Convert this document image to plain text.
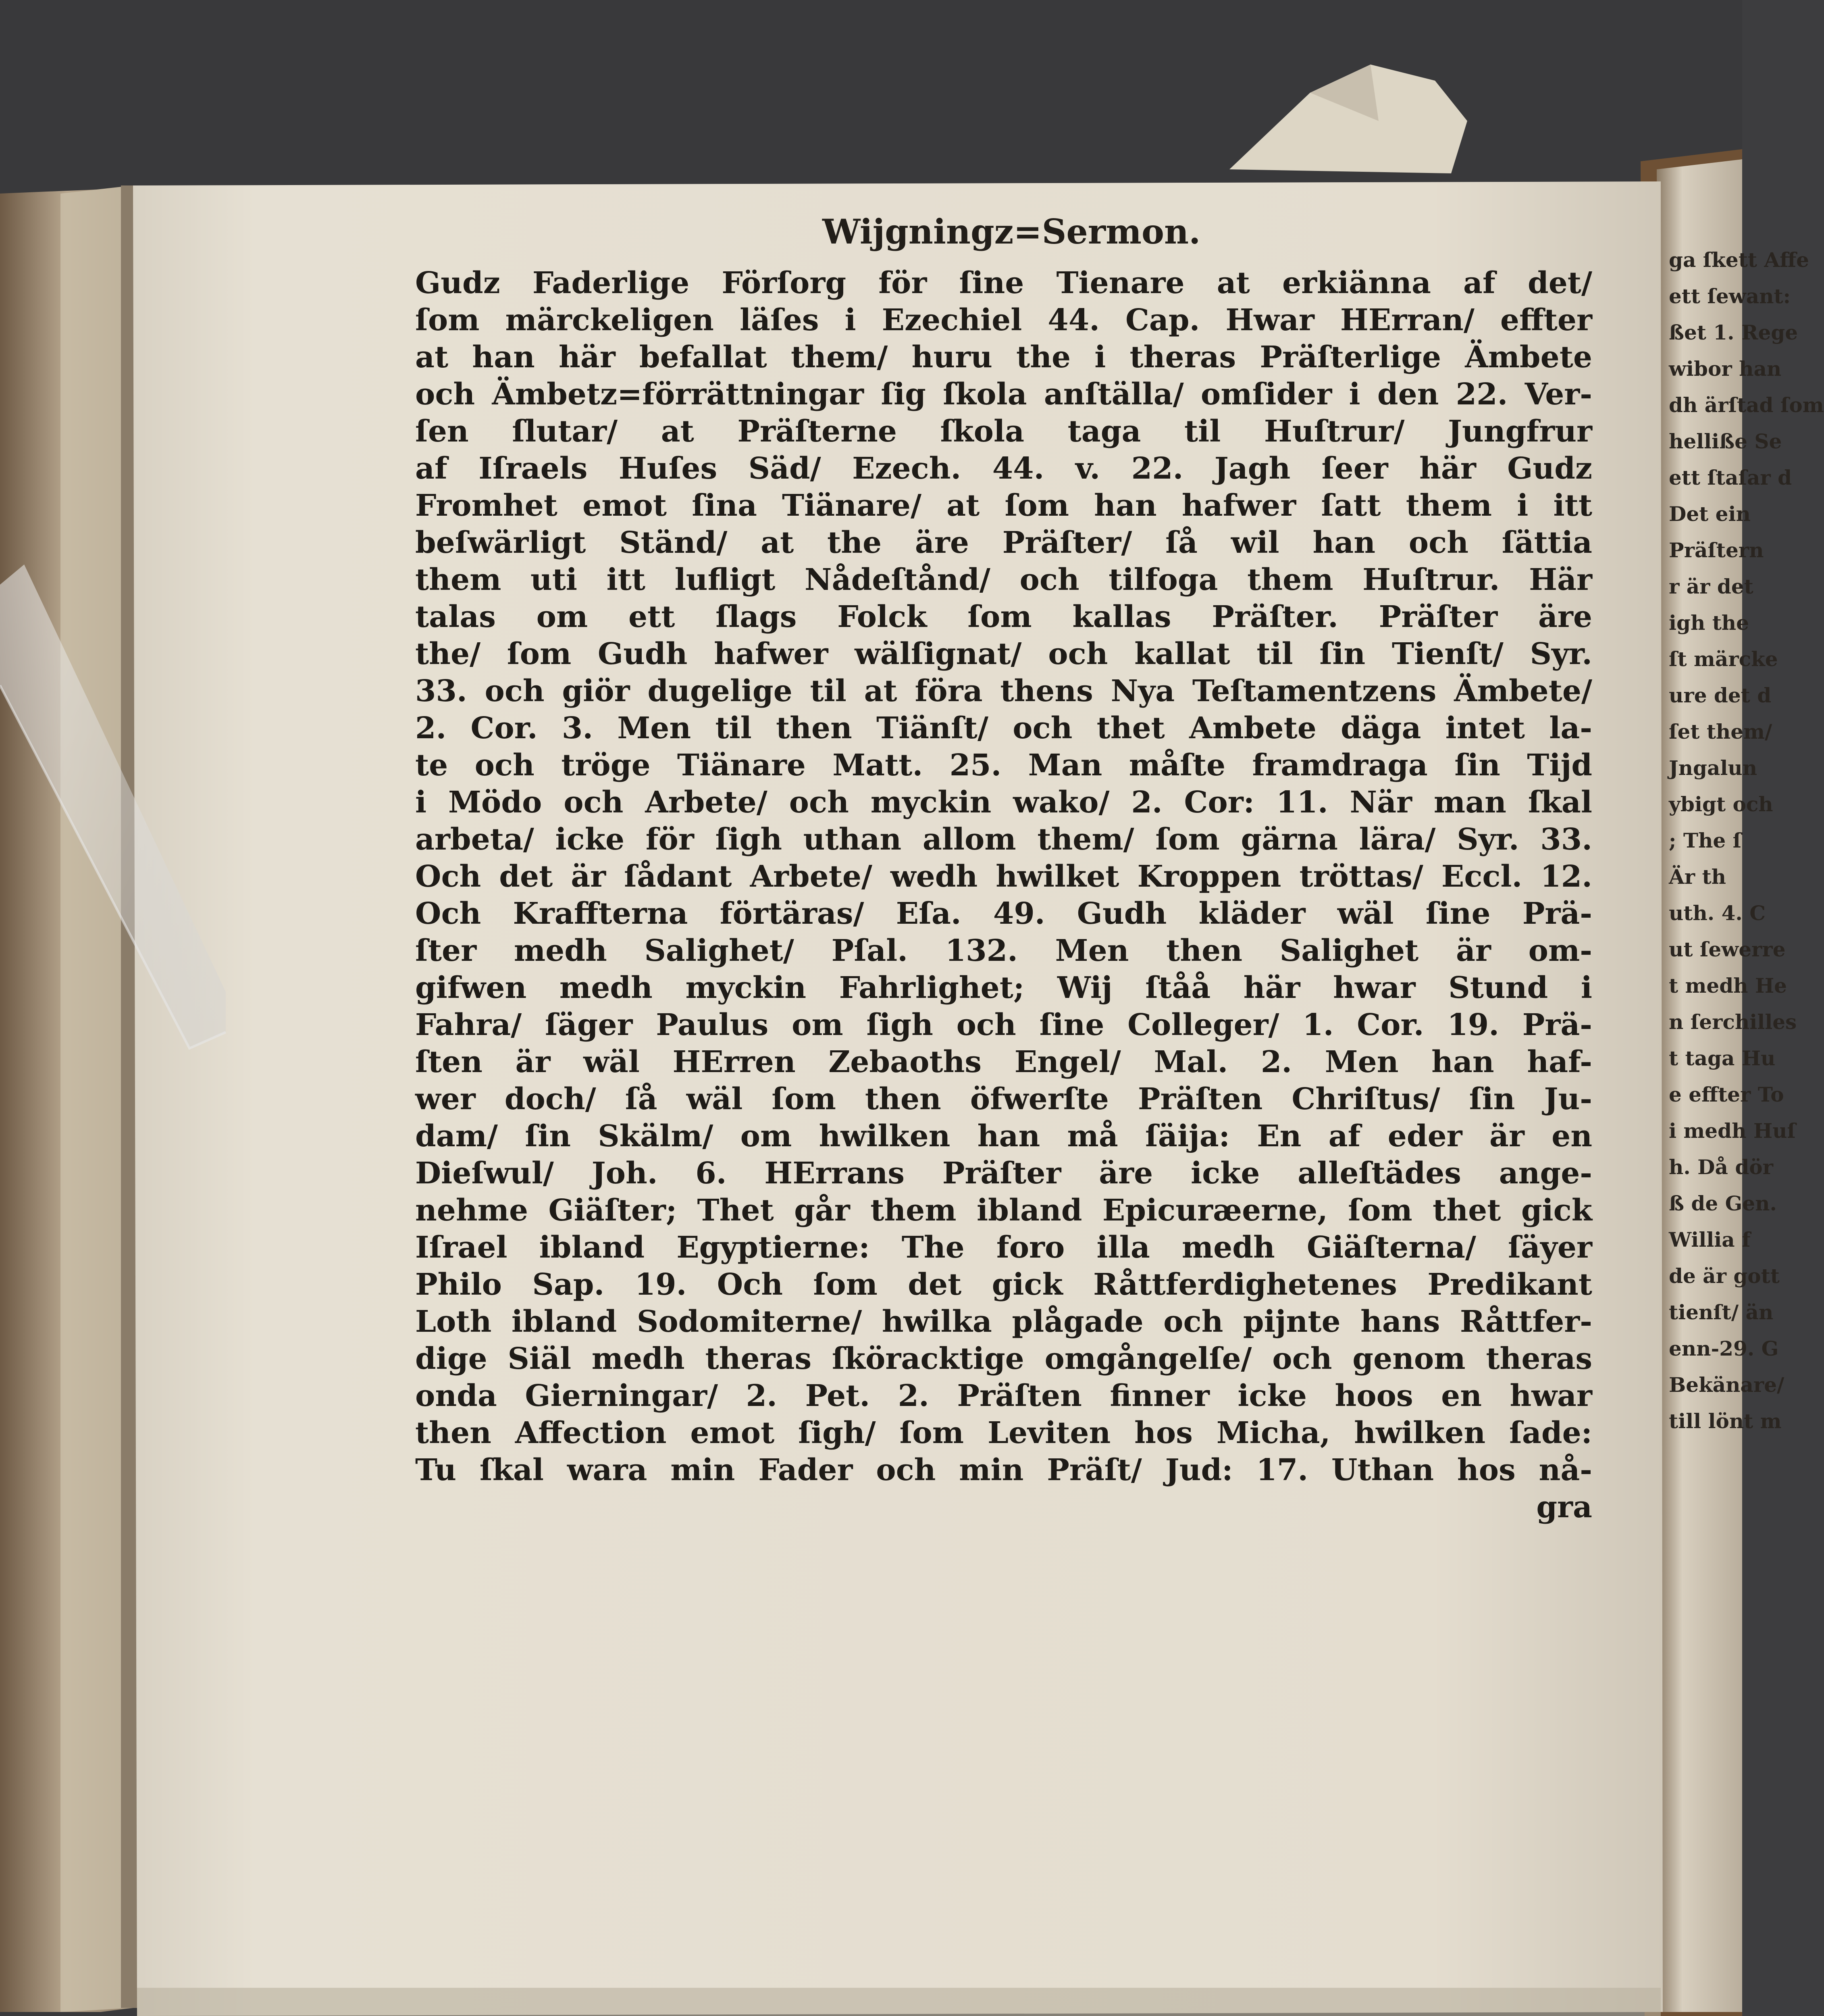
Wijgningz=Sermon.
Gudz Faderlige Förſorg för ſine Tienare at erkiänna af det/
ſom märckeligen läſes i Ezechiel 44. Cap. Hwar HErran/ effter
at han här befallat them/ huru the i theras Präſterlige Ämbete
och Ämbetz=förrättningar ſig ſkola anſtälla/ omſider i den 22. Ver-
ſen ſlutar/ at Präſterne ſkola taga til Huſtrur/ Jungfrur
af Iſraels Huſes Säd/ Ezech. 44. v. 22. Jagh ſeer här Gudz
Fromhet emot ſina Tiänare/ at ſom han hafwer ſatt them i itt
beſwärligt Ständ/ at the äre Präſter/ ſå wil han och ſättia
them uti itt lufligt Nådeſtånd/ och tilfoga them Huſtrur. Här
talas om ett ſlags Folck ſom kallas Präſter. Präſter äre
the/ ſom Gudh hafwer wälſignat/ och kallat til ſin Tienſt/ Syr.
33. och giör dugelige til at föra thens Nya Teſtamentzens Ämbete/
2. Cor. 3. Men til then Tiänſt/ och thet Ambete däga intet la-
te och tröge Tiänare Matt. 25. Man måſte framdraga ſin Tijd
i Mödo och Arbete/ och myckin wako/ 2. Cor: 11. När man ſkal
arbeta/ icke för ſigh uthan allom them/ ſom gärna lära/ Syr. 33.
Och det är ſådant Arbete/ wedh hwilket Kroppen tröttas/ Eccl. 12.
Och Kraffterna förtäras/ Eſa. 49. Gudh kläder wäl ſine Prä-
ſter medh Salighet/ Pſal. 132. Men then Salighet är om-
gifwen medh myckin Fahrlighet; Wij ſtåå här hwar Stund i
Fahra/ ſäger Paulus om ſigh och ſine Colleger/ 1. Cor. 19. Prä-
ſten är wäl HErren Zebaoths Engel/ Mal. 2. Men han haf-
wer doch/ ſå wäl ſom then öfwerſte Präſten Chriſtus/ ſin Ju-
dam/ ſin Skälm/ om hwilken han må ſäija: En af eder är en
Dieſwul/ Joh. 6. HErrans Präſter äre icke alleſtädes ange-
nehme Giäſter; Thet går them ibland Epicuræerne, ſom thet gick
Iſrael ibland Egyptierne: The foro illa medh Giäſterna/ ſäyer
Philo Sap. 19. Och ſom det gick Råttferdighetenes Predikant
Loth ibland Sodomiterne/ hwilka plågade och pijnte hans Råttfer-
dige Siäl medh theras ſköracktige omgångelſe/ och genom theras
onda Gierningar/ 2. Pet. 2. Präſten finner icke hoos en hwar
then Affection emot ſigh/ ſom Leviten hos Micha, hwilken ſade:
Tu ſkal wara min Fader och min Präſt/ Jud: 17. Uthan hos nå-
gra
ga ſkett Affe
ett ſewant:
ßet 1. Rege
wibor han
dh ärſtad ſom
helliße Se
ett ſtaſar d
Det ein
Präſtern
r är det
igh the
ſt märcke
ure det d
ſet them/
Jngalun
ybigt och
; The ſ
Är th
uth. 4. C
ut ſewerre
t medh He
n ſerchilles
t taga Hu
e effter To
i medh Huſ
h. Då dör
ß de Gen.
Willia f
de är gott
tienſt/ än
enn-29. G
Bekänare/
till lönt m
